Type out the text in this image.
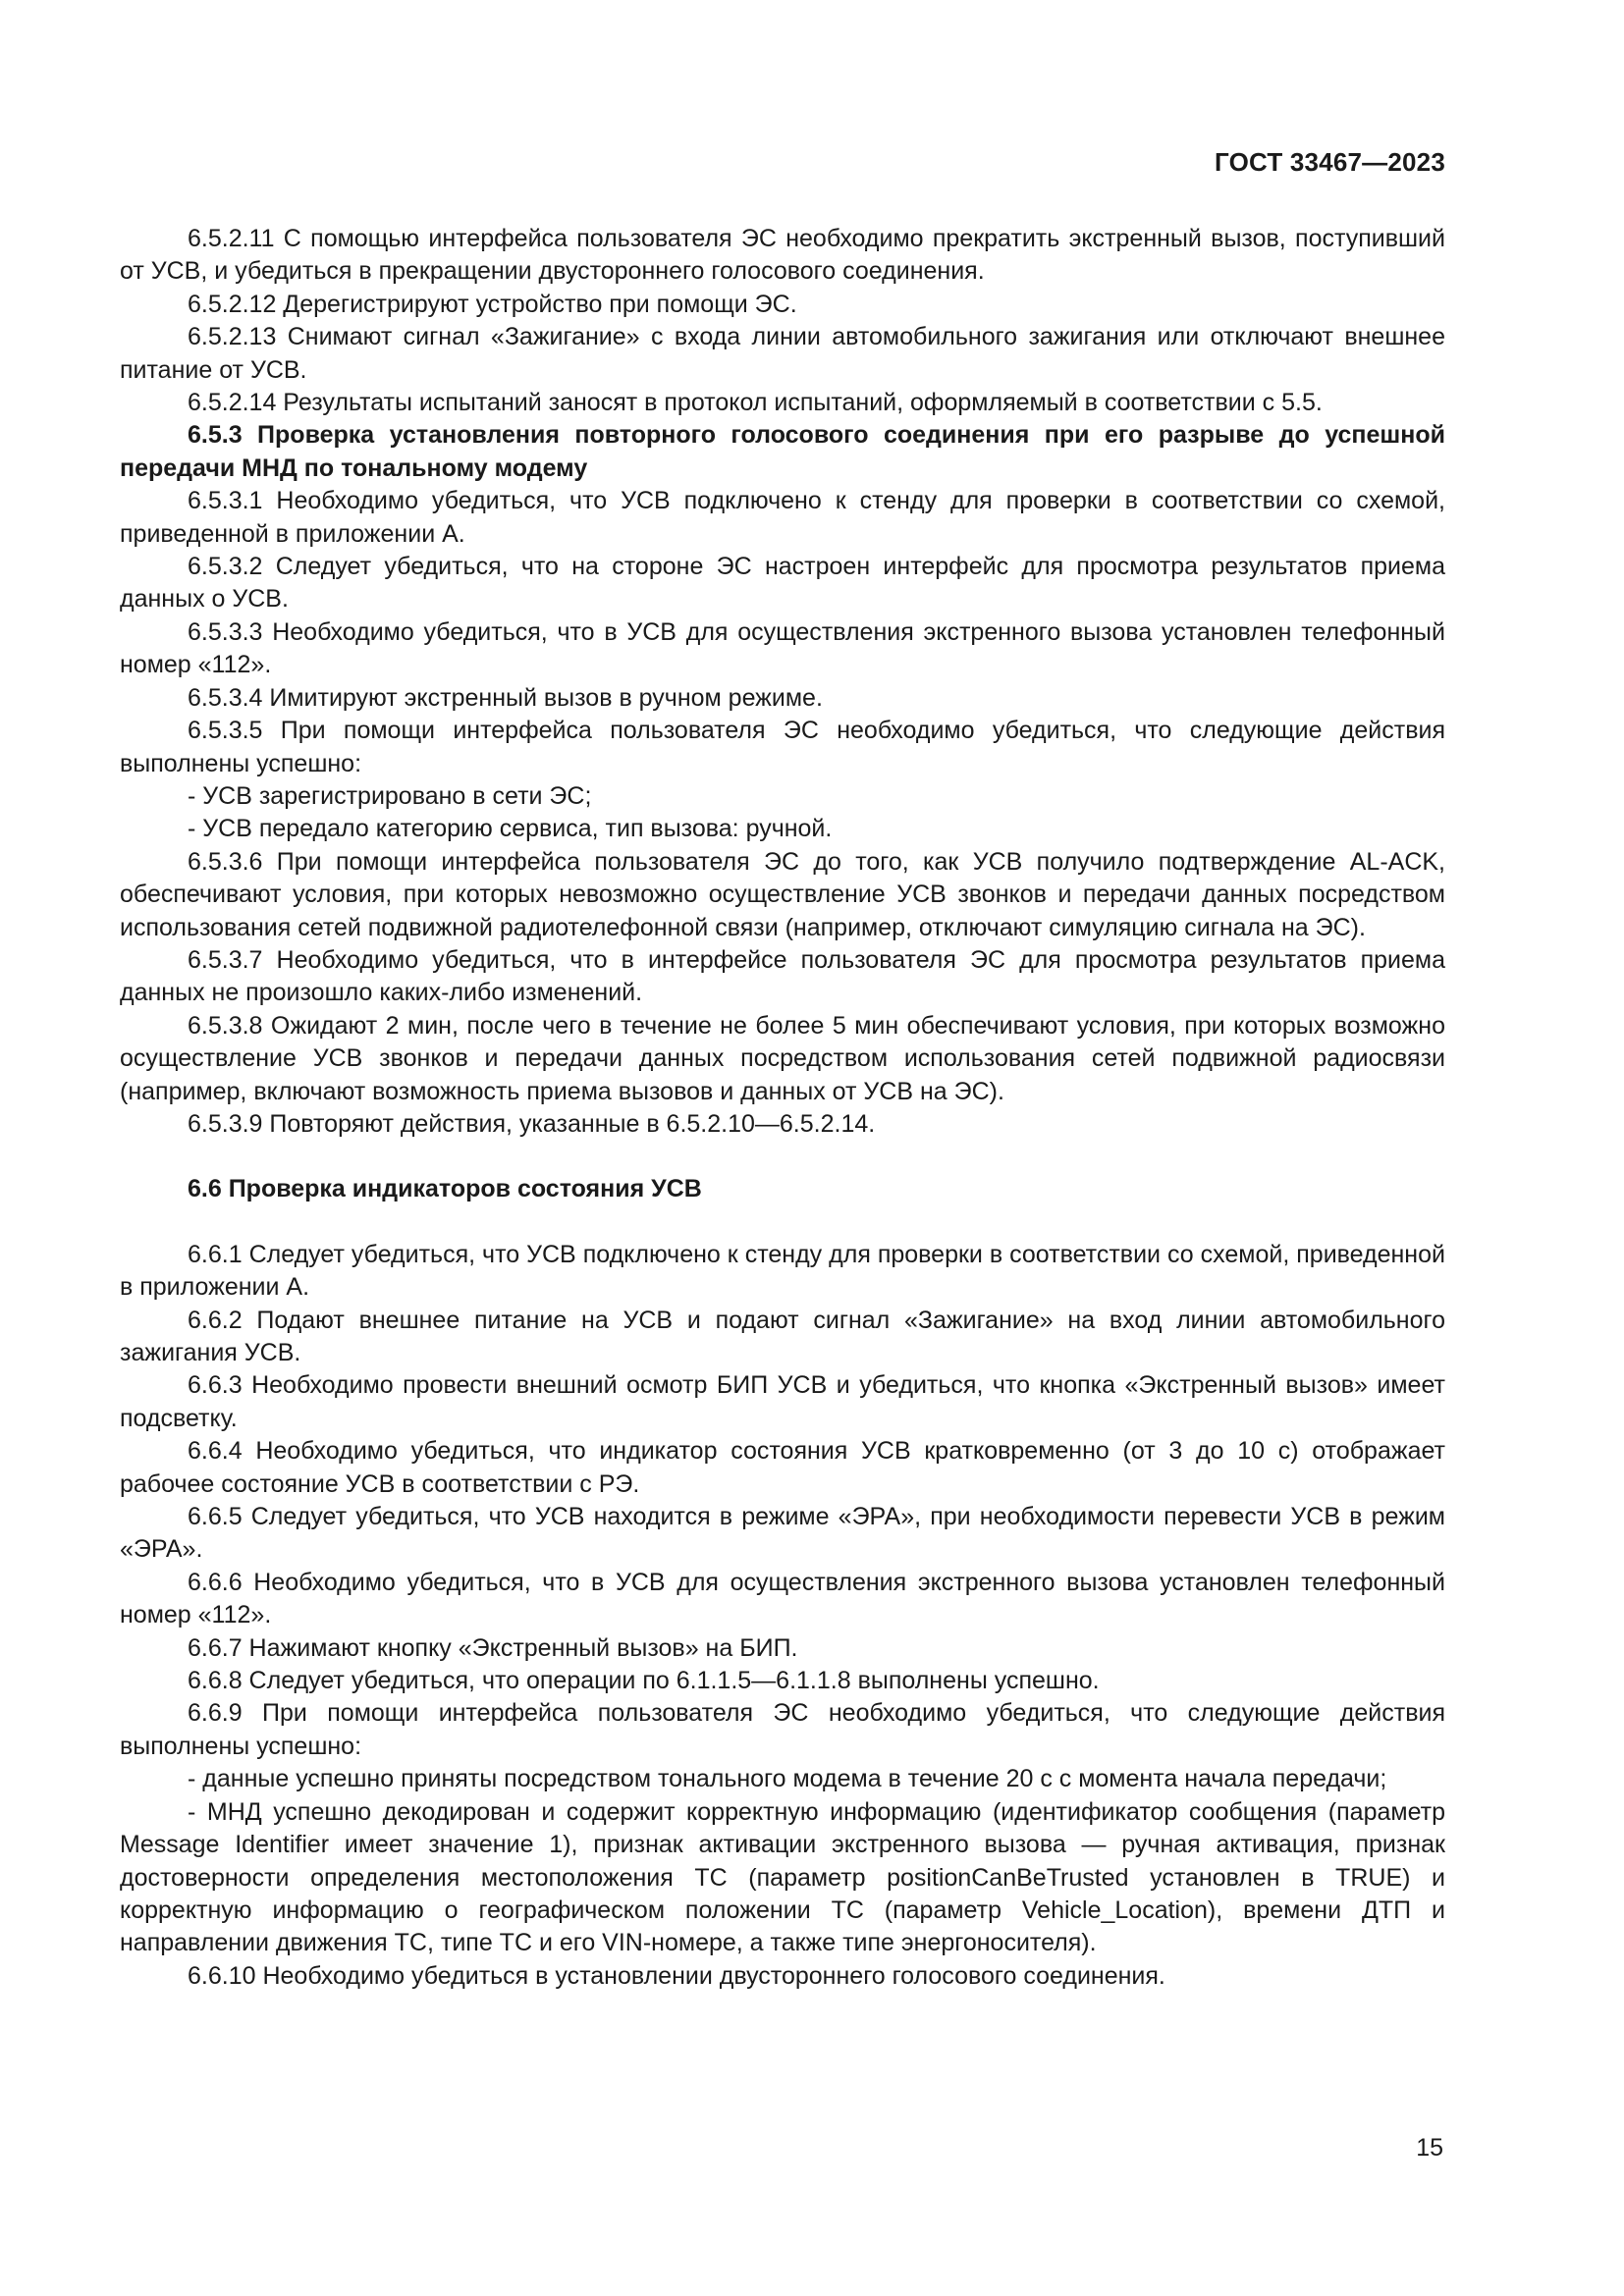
ГОСТ 33467—2023

6.5.2.11 С помощью интерфейса пользователя ЭС необходимо прекратить экстренный вызов, поступивший от УСВ, и убедиться в прекращении двустороннего голосового соединения.

6.5.2.12 Дерегистрируют устройство при помощи ЭС.

6.5.2.13 Снимают сигнал «Зажигание» с входа линии автомобильного зажигания или отключают внешнее питание от УСВ.

6.5.2.14 Результаты испытаний заносят в протокол испытаний, оформляемый в соответствии с 5.5.

6.5.3 Проверка установления повторного голосового соединения при его разрыве до успешной передачи МНД по тональному модему

6.5.3.1 Необходимо убедиться, что УСВ подключено к стенду для проверки в соответствии со схемой, приведенной в приложении А.

6.5.3.2 Следует убедиться, что на стороне ЭС настроен интерфейс для просмотра результатов приема данных о УСВ.

6.5.3.3 Необходимо убедиться, что в УСВ для осуществления экстренного вызова установлен телефонный номер «112».

6.5.3.4 Имитируют экстренный вызов в ручном режиме.

6.5.3.5 При помощи интерфейса пользователя ЭС необходимо убедиться, что следующие действия выполнены успешно:

- УСВ зарегистрировано в сети ЭС;

- УСВ передало категорию сервиса, тип вызова: ручной.

6.5.3.6 При помощи интерфейса пользователя ЭС до того, как УСВ получило подтверждение AL-ACK, обеспечивают условия, при которых невозможно осуществление УСВ звонков и передачи данных посредством использования сетей подвижной радиотелефонной связи (например, отключают симуляцию сигнала на ЭС).

6.5.3.7 Необходимо убедиться, что в интерфейсе пользователя ЭС для просмотра результатов приема данных не произошло каких-либо изменений.

6.5.3.8 Ожидают 2 мин, после чего в течение не более 5 мин обеспечивают условия, при которых возможно осуществление УСВ звонков и передачи данных посредством использования сетей подвижной радиосвязи (например, включают возможность приема вызовов и данных от УСВ на ЭС).

6.5.3.9 Повторяют действия, указанные в 6.5.2.10—6.5.2.14.

6.6 Проверка индикаторов состояния УСВ

6.6.1 Следует убедиться, что УСВ подключено к стенду для проверки в соответствии со схемой, приведенной в приложении А.

6.6.2 Подают внешнее питание на УСВ и подают сигнал «Зажигание» на вход линии автомобильного зажигания УСВ.

6.6.3 Необходимо провести внешний осмотр БИП УСВ и убедиться, что кнопка «Экстренный вызов» имеет подсветку.

6.6.4 Необходимо убедиться, что индикатор состояния УСВ кратковременно (от 3 до 10 с) отображает рабочее состояние УСВ в соответствии с РЭ.

6.6.5 Следует убедиться, что УСВ находится в режиме «ЭРА», при необходимости перевести УСВ в режим «ЭРА».

6.6.6 Необходимо убедиться, что в УСВ для осуществления экстренного вызова установлен телефонный номер «112».

6.6.7 Нажимают кнопку «Экстренный вызов» на БИП.

6.6.8 Следует убедиться, что операции по 6.1.1.5—6.1.1.8 выполнены успешно.

6.6.9 При помощи интерфейса пользователя ЭС необходимо убедиться, что следующие действия выполнены успешно:

- данные успешно приняты посредством тонального модема в течение 20 с с момента начала передачи;

- МНД успешно декодирован и содержит корректную информацию (идентификатор сообщения (параметр Message Identifier имеет значение 1), признак активации экстренного вызова — ручная активация, признак достоверности определения местоположения ТС (параметр positionCanBeTrusted установлен в TRUE) и корректную информацию о географическом положении ТС (параметр Vehicle_Location), времени ДТП и направлении движения ТС, типе ТС и его VIN-номере, а также типе энергоносителя).

6.6.10 Необходимо убедиться в установлении двустороннего голосового соединения.

15
